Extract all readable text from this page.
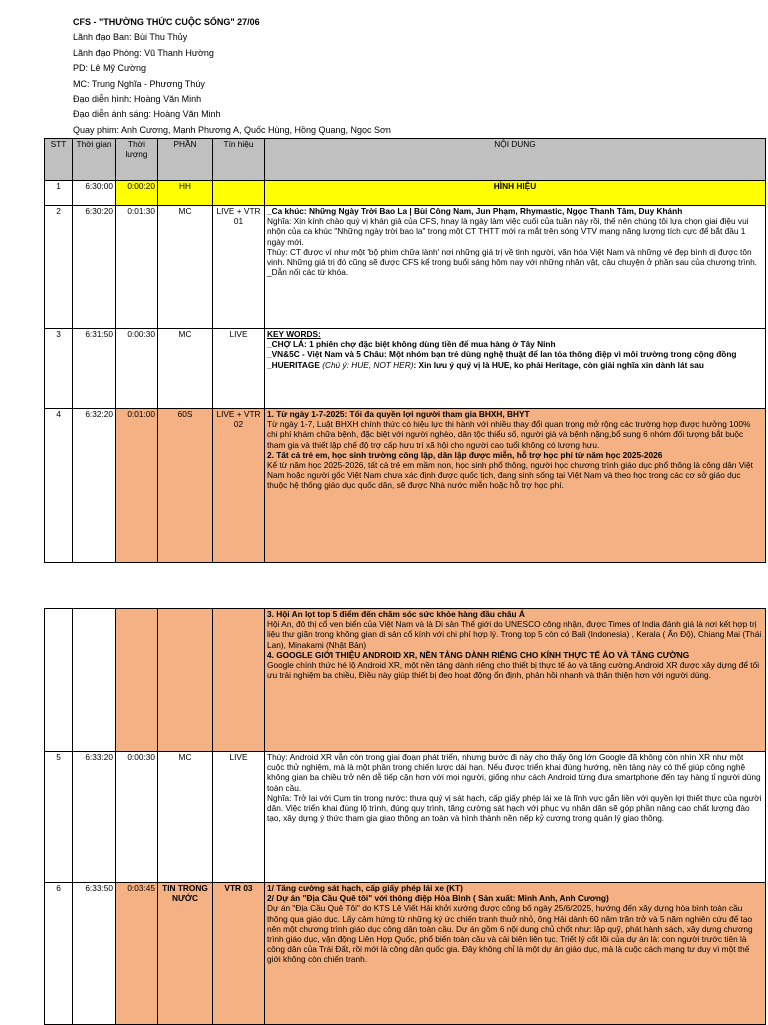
CFS - "THƯỜNG THỨC CUỘC SỐNG" 27/06
Lãnh đạo Ban: Bùi Thu Thủy
Lãnh đạo Phòng: Vũ Thanh Hường
PD: Lê Mỹ Cường
MC: Trung Nghĩa - Phương Thúy
Đạo diễn hình: Hoàng Văn Minh
Đạo diễn ánh sáng: Hoàng Văn Minh
Quay phim: Anh Cương, Mạnh Phương A, Quốc Hùng, Hồng Quang, Ngọc Sơn
STT	Thời gian	Thời lượng	PHẦN	Tín hiệu	NỘI DUNG
1	6:30:00	0:00:20	HH		HÌNH HIỆU
2	6:30:20	0:01:30	MC	LIVE + VTR 01	_Ca khúc: Những Ngày Trời Bao La | Bùi Công Nam, Jun Phạm, Rhymastic, Ngọc Thanh Tâm, Duy Khánh

Nghĩa: Xin kính chào quý vị khán giả của CFS, hnay là ngày làm việc cuối của tuần này rồi, thế nên chúng tôi lựa chọn giai điệu vui nhộn của ca khúc "Những ngày trời bao la" trong một CT THTT mới ra mắt trên sóng VTV mang năng lượng tích cực để bắt đầu 1 ngày mới.

Thúy: CT được ví như một 'bộ phim chữa lành' nơi những giá trị về tinh người, văn hóa Việt Nam và những vẻ đẹp bình dị được tôn vinh. Những giá trị đó cũng sẽ được CFS kể trong buổi sáng hôm nay với những nhân vật, câu chuyện ở phần sau của chương trình.

_Dẫn nối các từ khóa.

3	6:31:50	0:00:30	MC	LIVE	KEY WORDS:

_CHỢ LÁ: 1 phiên chợ đặc biệt không dùng tiền để mua hàng ở Tây Ninh

_VN&5C - Việt Nam và 5 Châu: Một nhóm bạn trẻ dùng nghệ thuật để lan tỏa thông điệp vì môi trường trong cộng đồng

_HUERITAGE (Chú ý: HUE, NOT HER): Xin lưu ý quý vị là HUE, ko phải Heritage, còn giải nghĩa xin dành lát sau

4	6:32:20	0:01:00	60S	LIVE + VTR 02	1. Từ ngày 1-7-2025: Tối đa quyền lợi người tham gia BHXH, BHYT

Từ ngày 1-7, Luật BHXH chính thức có hiệu lực thi hành với nhiều thay đổi quan trọng mở rộng các trường hợp được hưởng 100% chi phí khám chữa bệnh, đặc biệt với người nghèo, dân tộc thiểu số, người già và bệnh nặng,bổ sung 6 nhóm đối tượng bắt buộc tham gia và thiết lập chế độ trợ cấp hưu trí xã hội cho người cao tuổi không có lương hưu.

2. Tất cả trẻ em, học sinh trường công lập, dân lập được miễn, hỗ trợ học phí từ năm học 2025-2026

Kể từ năm học 2025-2026, tất cả trẻ em mầm non, học sinh phổ thông, người học chương trình giáo dục phổ thông là công dân Việt Nam hoặc người gốc Việt Nam chưa xác định được quốc tịch, đang sinh sống tại Việt Nam và theo học trong các cơ sở giáo dục thuộc hệ thống giáo dục quốc dân, sẽ được Nhà nước miễn hoặc hỗ trợ học phí.

					3. Hội An lọt top 5 điểm đến chăm sóc sức khỏe hàng đầu châu Á

Hội An, đô thị cổ ven biển của Việt Nam và là Di sản Thế giới do UNESCO công nhận, được Times of India đánh giá là nơi kết hợp trị liệu thư giãn trong không gian di sản cổ kính với chi phí hợp lý. Trong top 5 còn có Bali (Indonesia) , Kerala ( Ấn Độ), Chiang Mai (Thái Lan), Minakami (Nhật Bản)

4. GOOGLE GIỚI THIỆU ANDROID XR, NỀN TẢNG DÀNH RIÊNG CHO KÍNH THỰC TẾ ẢO VÀ TĂNG CƯỜNG

Google chính thức hé lộ Android XR, một nền tảng dành riêng cho thiết bị thực tế ảo và tăng cường.Android XR được xây dựng để tối ưu trải nghiệm ba chiều, Điều này giúp thiết bị đeo hoạt động ổn định, phản hồi nhanh và thân thiện hơn với người dùng.

5	6:33:20	0:00:30	MC	LIVE	Thúy: Android XR vẫn còn trong giai đoạn phát triển, nhưng bước đi này cho thấy ông lớn Google đã không còn nhìn XR như một cuộc thử nghiệm, mà là một phần trong chiến lược dài hạn. Nếu được triển khai đúng hướng, nền tảng này có thể giúp công nghệ không gian ba chiều trở nên dễ tiếp cận hơn với mọi người, giống như cách Android từng đưa smartphone đến tay hàng tỉ người dùng toàn cầu.

Nghĩa: Trở lại với Cụm tin trong nước: thưa quý vị sát hạch, cấp giấy phép lái xe là lĩnh vực gắn liền với quyền lợi thiết thực của người dân. Việc triển khai đúng lộ trình, đúng quy trình, tăng cường sát hạch với phục vụ nhân dân sẽ góp phần nâng cao chất lượng đào tạo, xây dựng ý thức tham gia giao thông an toàn và hình thành nền nếp kỷ cương trong quản lý giao thông.

6	6:33:50	0:03:45	TIN TRONG NƯỚC	VTR 03	1/ Tăng cường sát hạch, cấp giấy phép lái xe (KT)

2/ Dự án "Địa Cầu Quê tôi" với thông điệp Hòa Bình ( Sản xuất: Minh Anh, Anh Cương)

Dự án "Địa Cầu Quê Tôi" do KTS Lê Viết Hải khởi xướng được công bố ngày 25/6/2025, hướng đến xây dựng hòa bình toàn cầu thông qua giáo dục. Lấy cảm hứng từ những ký ức chiến tranh thuở nhỏ, ông Hải dành 60 năm trăn trở và 5 năm nghiên cứu để tạo nên một chương trình giáo dục công dân toàn cầu. Dự án gồm 6 nội dung chủ chốt như: lập quỹ, phát hành sách, xây dựng chương trình giáo dục, vận động Liên Hợp Quốc, phổ biến toàn cầu và cải biên liên tục. Triết lý cốt lõi của dự án là: con người trước tiên là công dân của Trái Đất, rồi mới là công dân quốc gia. Đây không chỉ là một dự án giáo dục, mà là cuộc cách mạng tư duy vì một thế giới không còn chiến tranh.
